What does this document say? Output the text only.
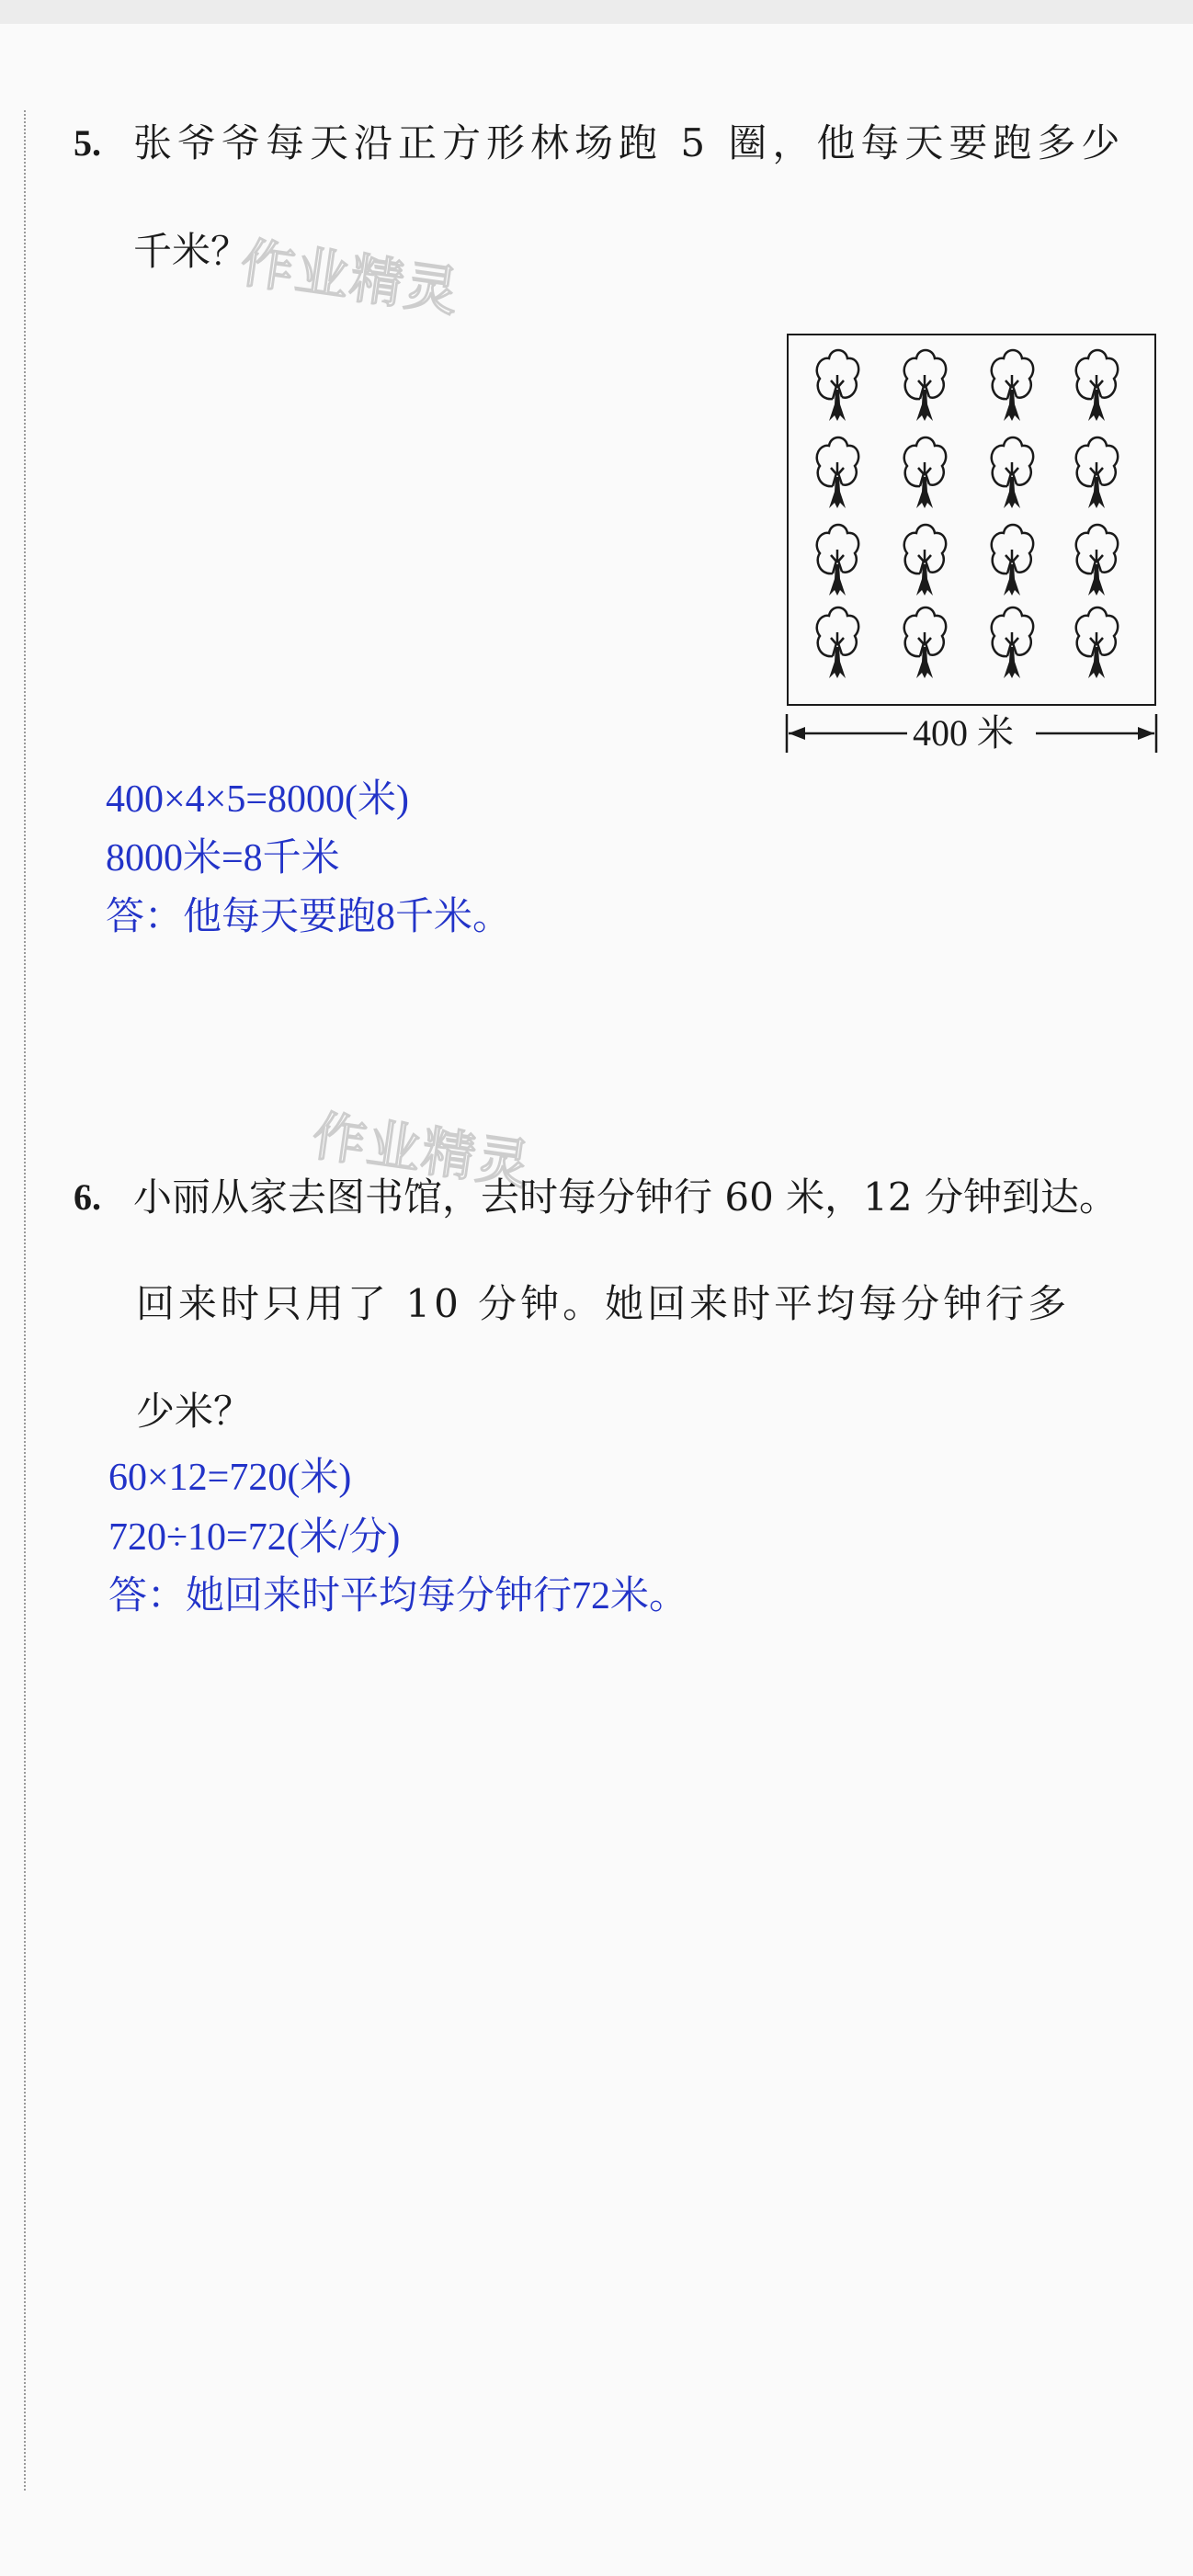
5. 张爷爷每天沿正方形林场跑 5 圈，他每天要跑多少
千米？
作业精灵
400 米
400×4×5=8000(米)
8000米=8千米
答：他每天要跑8千米。
作业精灵
6. 小丽从家去图书馆，去时每分钟行 60 米，12 分钟到达。
回来时只用了 10 分钟。她回来时平均每分钟行多
少米？
60×12=720(米)
720÷10=72(米/分)
答：她回来时平均每分钟行72米。
